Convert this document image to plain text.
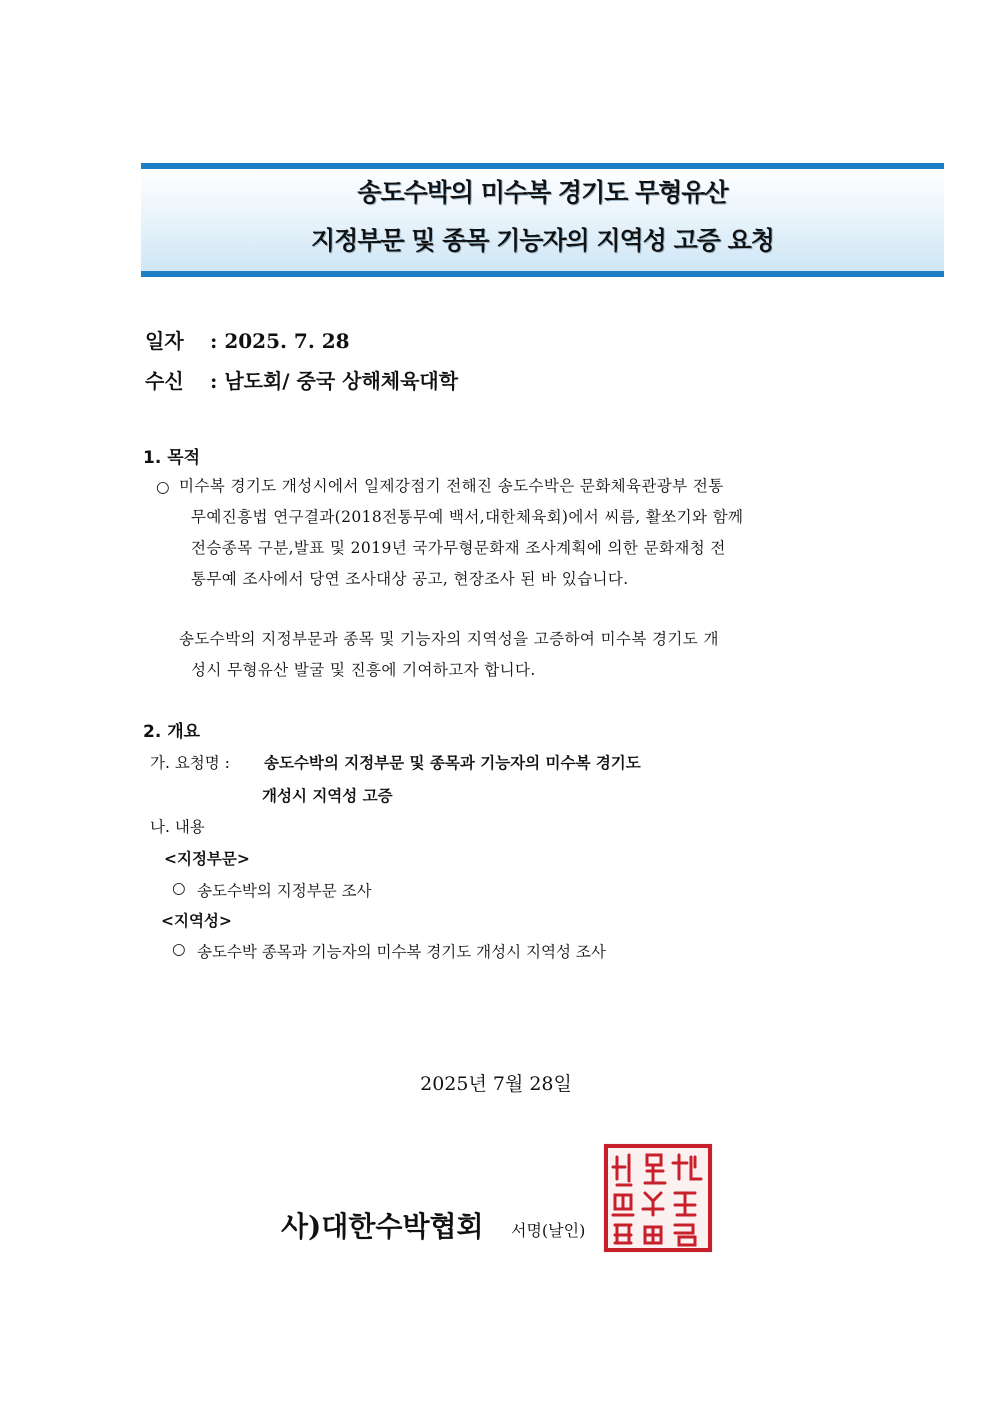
송도수박의 미수복 경기도 무형유산
지정부문 및 종목 기능자의 지역성 고증 요청
일자 : 2025. 7. 28
수신 : 남도회/ 중국 상해체육대학
1. 목적
○ 미수복 경기도 개성시에서 일제강점기 전해진 송도수박은 문화체육관광부 전통
무예진흥법 연구결과(2018전통무예 백서,대한체육회)에서 씨름, 활쏘기와 함께
전승종목 구분,발표 및 2019년 국가무형문화재 조사계획에 의한 문화재청 전
통무예 조사에서 당연 조사대상 공고, 현장조사 된 바 있습니다.
송도수박의 지정부문과 종목 및 기능자의 지역성을 고증하여 미수복 경기도 개
성시 무형유산 발굴 및 진흥에 기여하고자 합니다.
2. 개요
가. 요청명 : 송도수박의 지정부문 및 종목과 기능자의 미수복 경기도
개성시 지역성 고증
나. 내용
<지정부문>
○ 송도수박의 지정부문 조사
<지역성>
○ 송도수박 종목과 기능자의 미수복 경기도 개성시 지역성 조사
2025년 7월 28일
사)대한수박협회 서명(날인)
